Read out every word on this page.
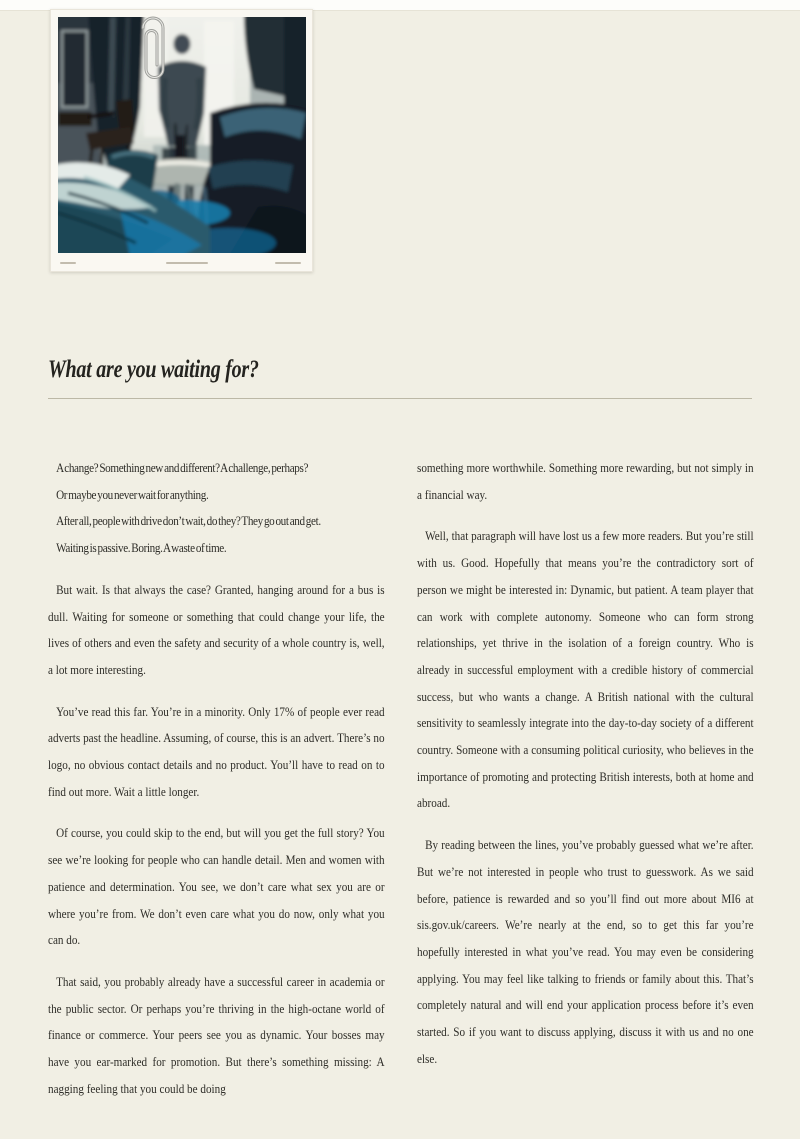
What are you waiting for?
A change? Something new and different? A challenge, perhaps?
Or maybe you never wait for anything.
After all, people with drive don’t wait, do they? They go out and get.
Waiting is passive. Boring. A waste of time.

But wait. Is that always the case? Granted, hanging around for a bus is dull. Waiting for someone or something that could change your life, the lives of others and even the safety and security of a whole country is, well, a lot more interesting.

You’ve read this far. You’re in a minority. Only 17% of people ever read adverts past the headline. Assuming, of course, this is an advert. There’s no logo, no obvious contact details and no product. You’ll have to read on to find out more. Wait a little longer.

Of course, you could skip to the end, but will you get the full story? You see we’re looking for people who can handle detail. Men and women with patience and determination. You see, we don’t care what sex you are or where you’re from. We don’t even care what you do now, only what you can do.

That said, you probably already have a successful career in academia or the public sector. Or perhaps you’re thriving in the high-octane world of finance or commerce. Your peers see you as dynamic. Your bosses may have you ear-marked for promotion. But there’s something missing: A nagging feeling that you could be doing

something more worthwhile. Something more rewarding, but not simply in a financial way.

Well, that paragraph will have lost us a few more readers. But you’re still with us. Good. Hopefully that means you’re the contradictory sort of person we might be interested in: Dynamic, but patient. A team player that can work with complete autonomy. Someone who can form strong relationships, yet thrive in the isolation of a foreign country. Who is already in successful employment with a credible history of commercial success, but who wants a change. A British national with the cultural sensitivity to seamlessly integrate into the day-to-day society of a different country. Someone with a consuming political curiosity, who believes in the importance of promoting and protecting British interests, both at home and abroad.

By reading between the lines, you’ve probably guessed what we’re after. But we’re not interested in people who trust to guesswork. As we said before, patience is rewarded and so you’ll find out more about MI6 at sis.gov.uk/careers. We’re nearly at the end, so to get this far you’re hopefully interested in what you’ve read. You may even be considering applying. You may feel like talking to friends or family about this. That’s completely natural and will end your application process before it’s even started. So if you want to discuss applying, discuss it with us and no one else.
